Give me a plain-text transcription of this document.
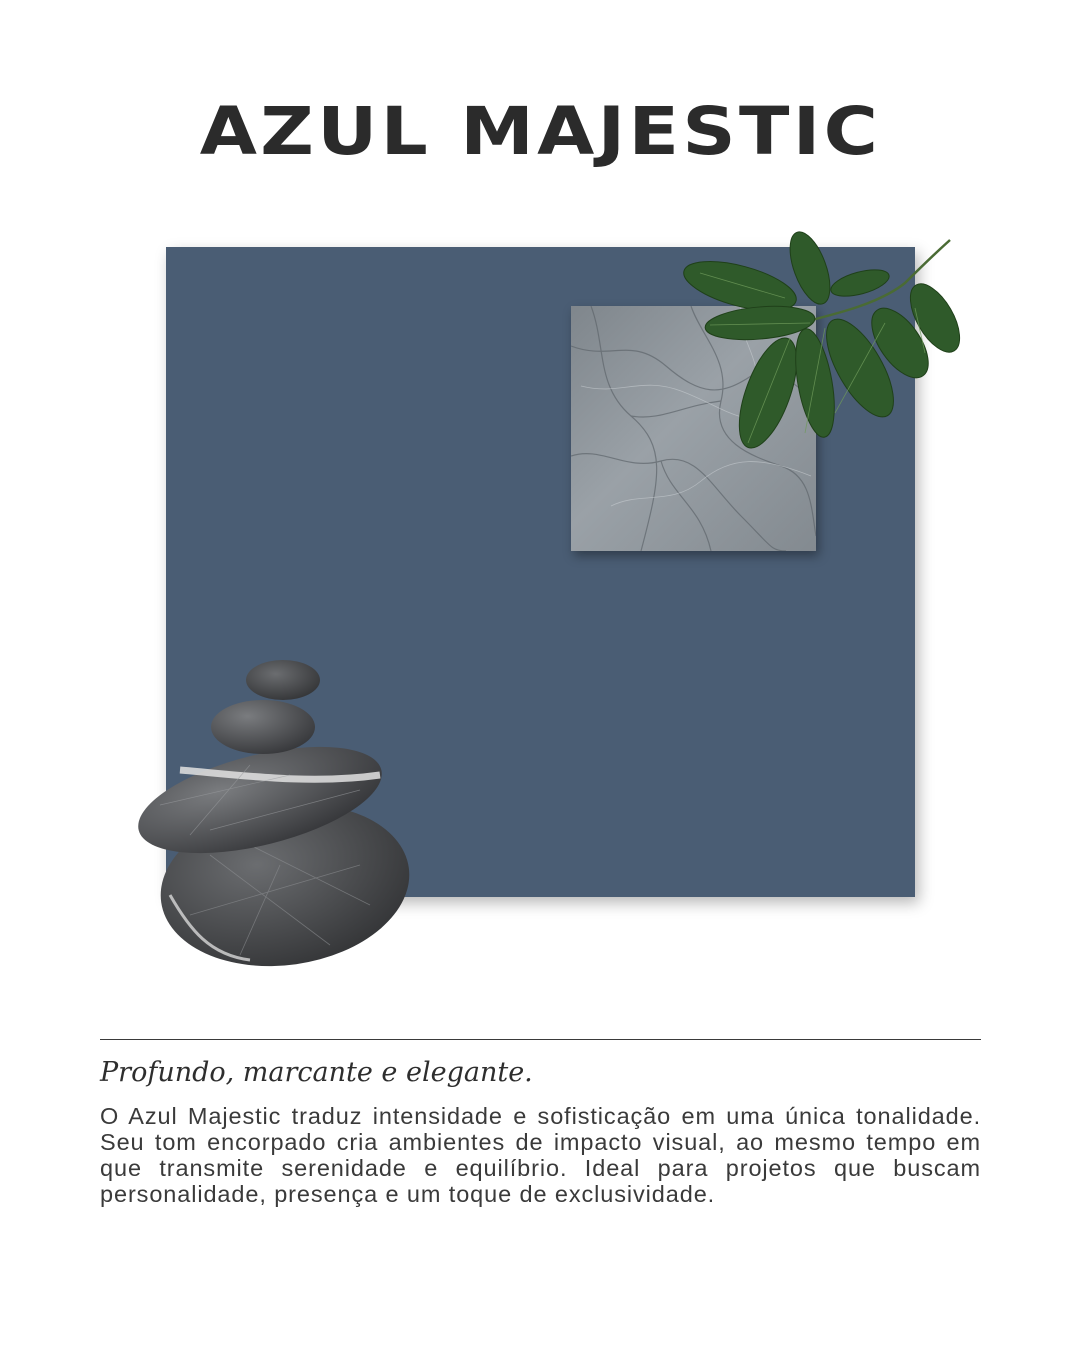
AZUL MAJESTIC
Profundo, marcante e elegante.
O Azul Majestic traduz intensidade e sofisticação em uma única tonalidade. Seu tom encorpado cria ambientes de impacto visual, ao mesmo tempo em que transmite serenidade e equilíbrio. Ideal para projetos que buscam personalidade, presença e um toque de exclusividade.
